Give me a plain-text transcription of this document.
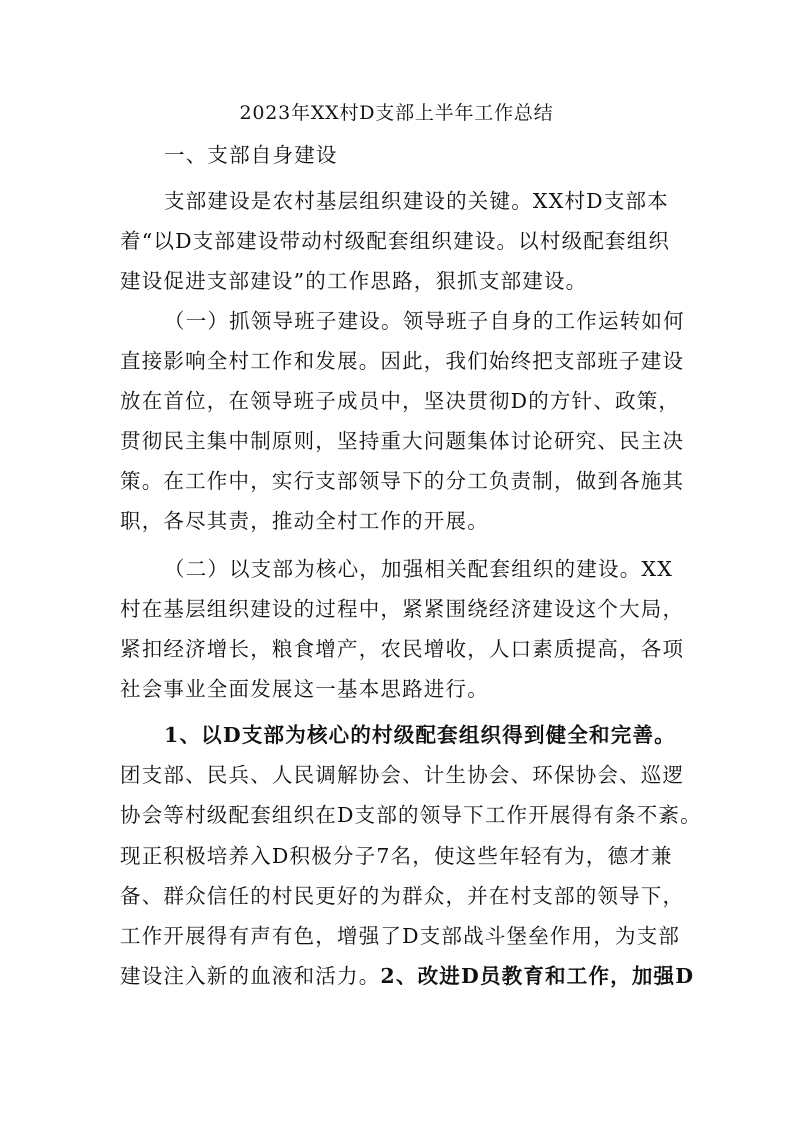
2023年XX村D支部上半年工作总结
一、支部自身建设
支部建设是农村基层组织建设的关键。XX村D支部本
着“以D支部建设带动村级配套组织建设。以村级配套组织
建设促进支部建设”的工作思路，狠抓支部建设。
（一）抓领导班子建设。领导班子自身的工作运转如何
直接影响全村工作和发展。因此，我们始终把支部班子建设
放在首位，在领导班子成员中，坚决贯彻D的方针、政策，
贯彻民主集中制原则，坚持重大问题集体讨论研究、民主决
策。在工作中，实行支部领导下的分工负责制，做到各施其
职，各尽其责，推动全村工作的开展。
（二）以支部为核心，加强相关配套组织的建设。XX
村在基层组织建设的过程中，紧紧围绕经济建设这个大局，
紧扣经济增长，粮食增产，农民增收，人口素质提高，各项
社会事业全面发展这一基本思路进行。
1、以D支部为核心的村级配套组织得到健全和完善。
团支部、民兵、人民调解协会、计生协会、环保协会、巡逻
协会等村级配套组织在D支部的领导下工作开展得有条不紊。
现正积极培养入D积极分子7名，使这些年轻有为，德才兼
备、群众信任的村民更好的为群众，并在村支部的领导下，
工作开展得有声有色，增强了D支部战斗堡垒作用，为支部
建设注入新的血液和活力。2、改进D员教育和工作，加强D
